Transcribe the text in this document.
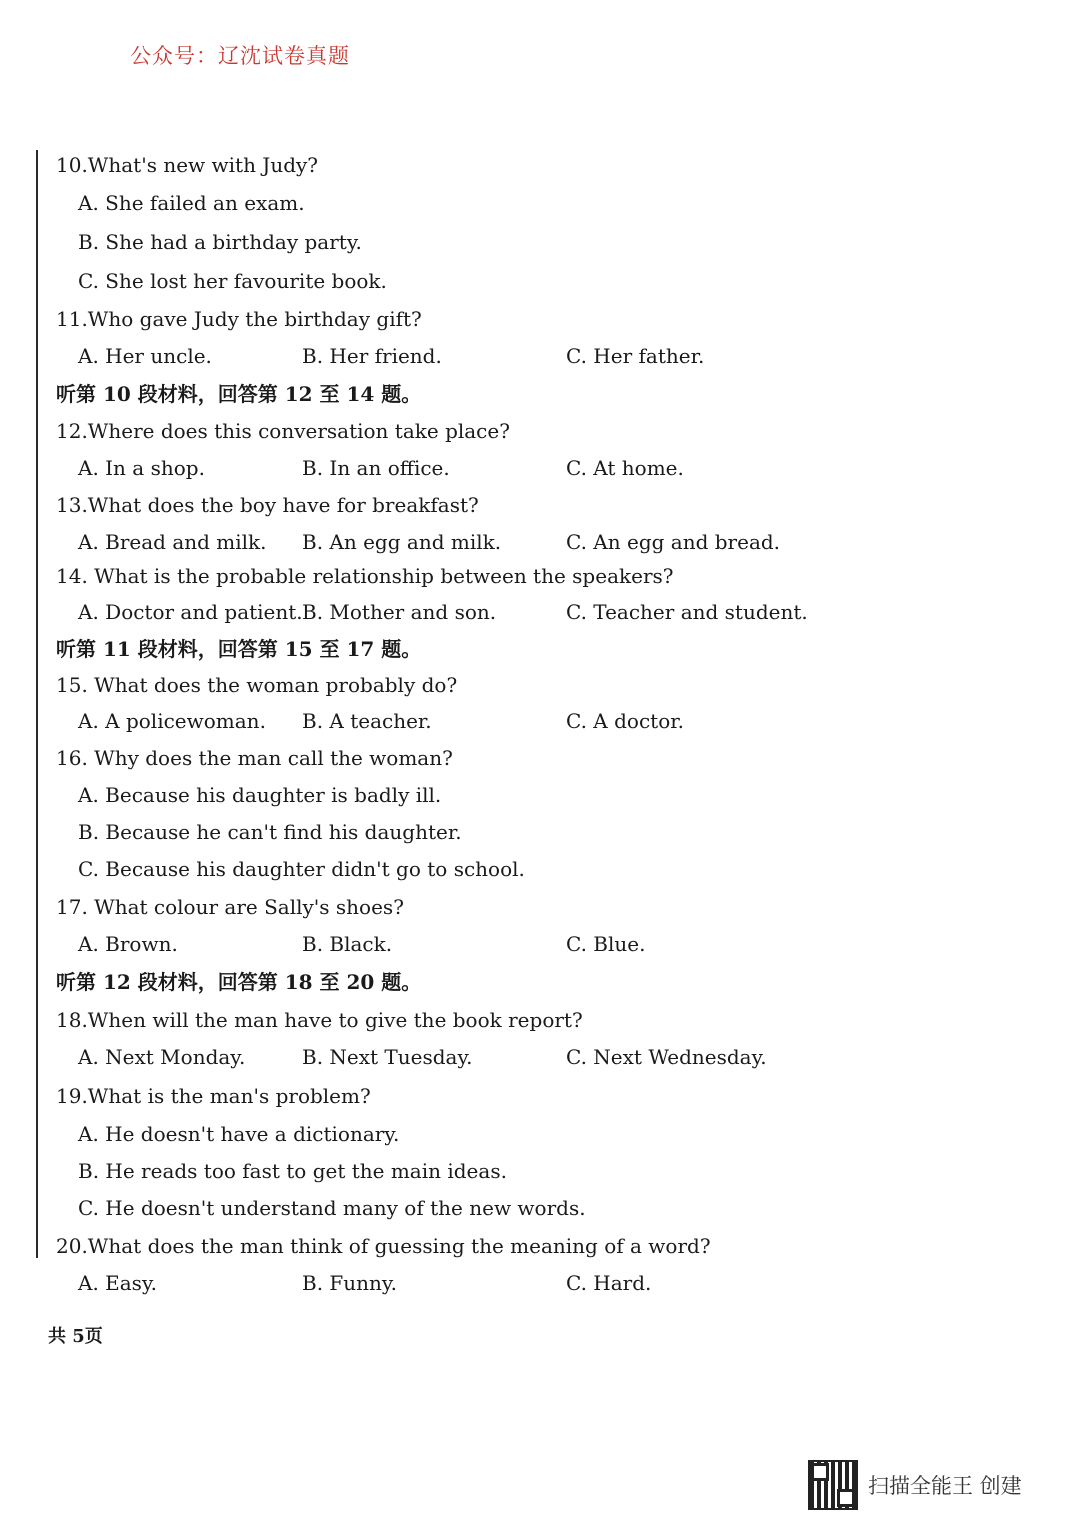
公众号：辽沈试卷真题
10.What's new with Judy?
A. She failed an exam.
B. She had a birthday party.
C. She lost her favourite book.
11.Who gave Judy the birthday gift?
A. Her uncle.	B. Her friend.	C. Her father.
听第 10 段材料，回答第 12 至 14 题。
12.Where does this conversation take place?
A. In a shop.	B. In an office.	C. At home.
13.What does the boy have for breakfast?
A. Bread and milk. B. An egg and milk.	C. An egg and bread.
14. What is the probable relationship between the speakers?
A. Doctor and patient. B. Mother and son.	C. Teacher and student.
听第 11 段材料，回答第 15 至 17 题。
15. What does the woman probably do?
A. A policewoman. B. A teacher.	C. A doctor.
16. Why does the man call the woman?
A. Because his daughter is badly ill.
B. Because he can't find his daughter.
C. Because his daughter didn't go to school.
17. What colour are Sally's shoes?
A. Brown.	B. Black.	C. Blue.
听第 12 段材料，回答第 18 至 20 题。
18.When will the man have to give the book report?
A. Next Monday.	B. Next Tuesday.	C. Next Wednesday.
19.What is the man's problem?
A. He doesn't have a dictionary.
B. He reads too fast to get the main ideas.
C. He doesn't understand many of the new words.
20.What does the man think of guessing the meaning of a word?
A. Easy.	B. Funny.	C. Hard.
共 5页
扫描全能王 创建
